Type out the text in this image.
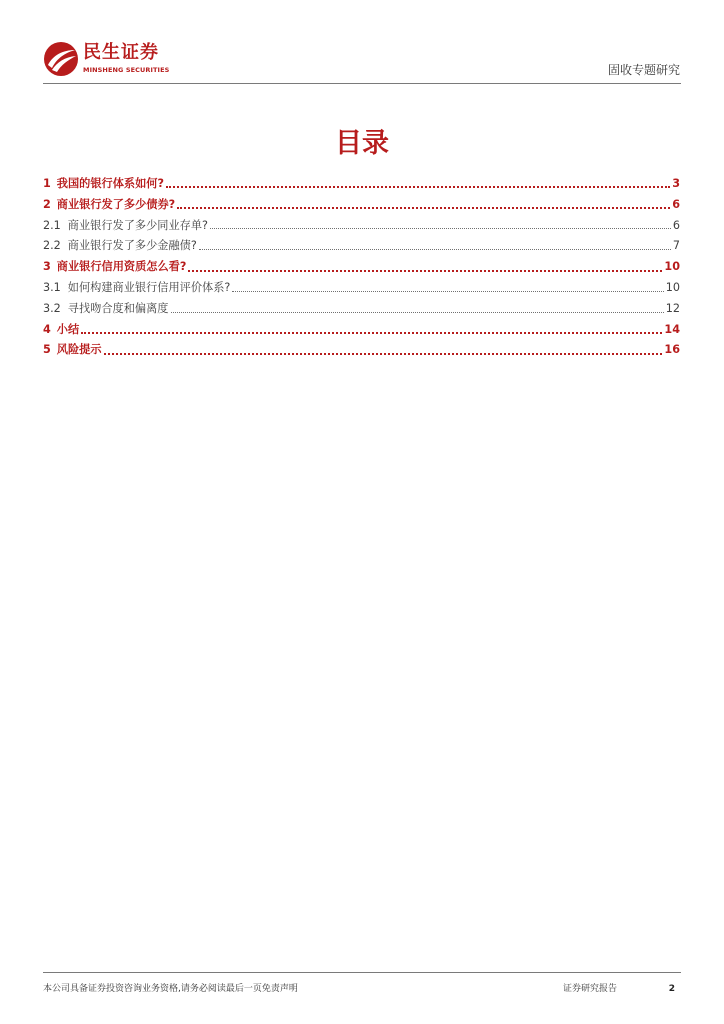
民生证券
MINSHENG SECURITIES	固收专题研究
目录
1 我国的银行体系如何?	3
2 商业银行发了多少债券?	6
2.1 商业银行发了多少同业存单?	6
2.2 商业银行发了多少金融债?	7
3 商业银行信用资质怎么看?	10
3.1 如何构建商业银行信用评价体系?	10
3.2 寻找吻合度和偏离度	12
4 小结	14
5 风险提示	16
本公司具备证券投资咨询业务资格,请务必阅读最后一页免责声明	证券研究报告	2
